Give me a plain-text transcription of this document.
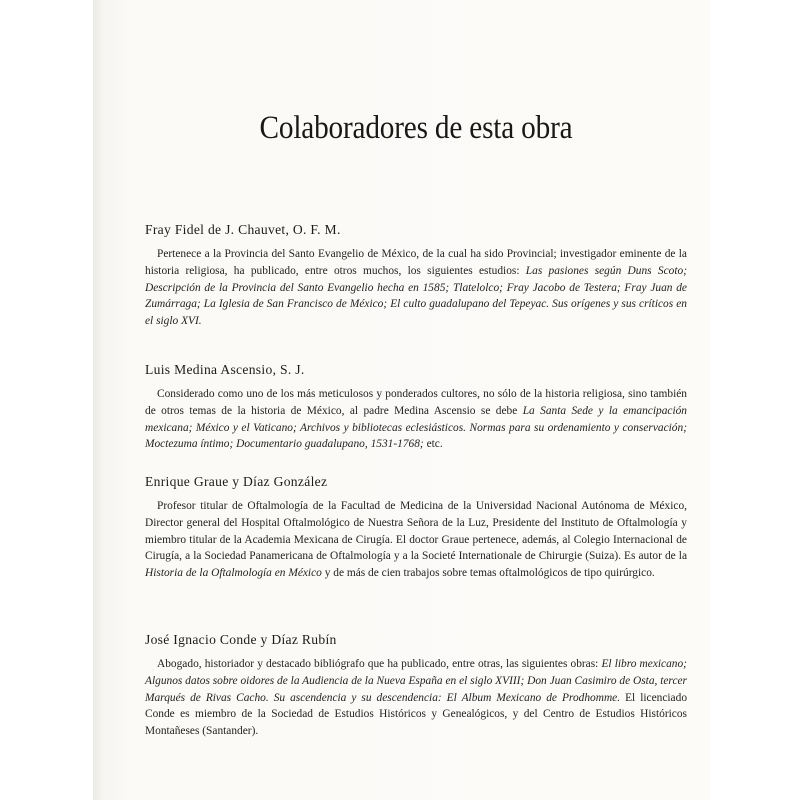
Colaboradores de esta obra
Fray Fidel de J. Chauvet, O. F. M.

Pertenece a la Provincia del Santo Evangelio de México, de la cual ha sido Provincial; investigador eminente de la historia religiosa, ha publicado, entre otros muchos, los siguientes estudios: Las pasiones según Duns Scoto; Descripción de la Provincia del Santo Evangelio hecha en 1585; Tlatelolco; Fray Jacobo de Testera; Fray Juan de Zumárraga; La Iglesia de San Francisco de México; El culto guadalupano del Tepeyac. Sus orígenes y sus críticos en el siglo XVI.

Luis Medina Ascensio, S. J.

Considerado como uno de los más meticulosos y ponderados cultores, no sólo de la historia religiosa, sino también de otros temas de la historia de México, al padre Medina Ascensio se debe La Santa Sede y la emancipación mexicana; México y el Vaticano; Archivos y bibliotecas eclesiásticos. Normas para su ordenamiento y conservación; Moctezuma íntimo; Documentario guadalupano, 1531-1768; etc.

Enrique Graue y Díaz González

Profesor titular de Oftalmología de la Facultad de Medicina de la Universidad Nacional Autónoma de México, Director general del Hospital Oftalmológico de Nuestra Señora de la Luz, Presidente del Instituto de Oftalmología y miembro titular de la Academia Mexicana de Cirugía. El doctor Graue pertenece, además, al Colegio Internacional de Cirugía, a la Sociedad Panamericana de Oftalmología y a la Societé Internationale de Chirurgie (Suiza). Es autor de la Historia de la Oftalmología en México y de más de cien trabajos sobre temas oftalmológicos de tipo quirúrgico.

José Ignacio Conde y Díaz Rubín

Abogado, historiador y destacado bibliógrafo que ha publicado, entre otras, las siguientes obras: El libro mexicano; Algunos datos sobre oidores de la Audiencia de la Nueva España en el siglo XVIII; Don Juan Casimiro de Osta, tercer Marqués de Rivas Cacho. Su ascendencia y su descendencia: El Album Mexicano de Prodhomme. El licenciado Conde es miembro de la Sociedad de Estudios Históricos y Genealógicos, y del Centro de Estudios Históricos Montañeses (Santander).
